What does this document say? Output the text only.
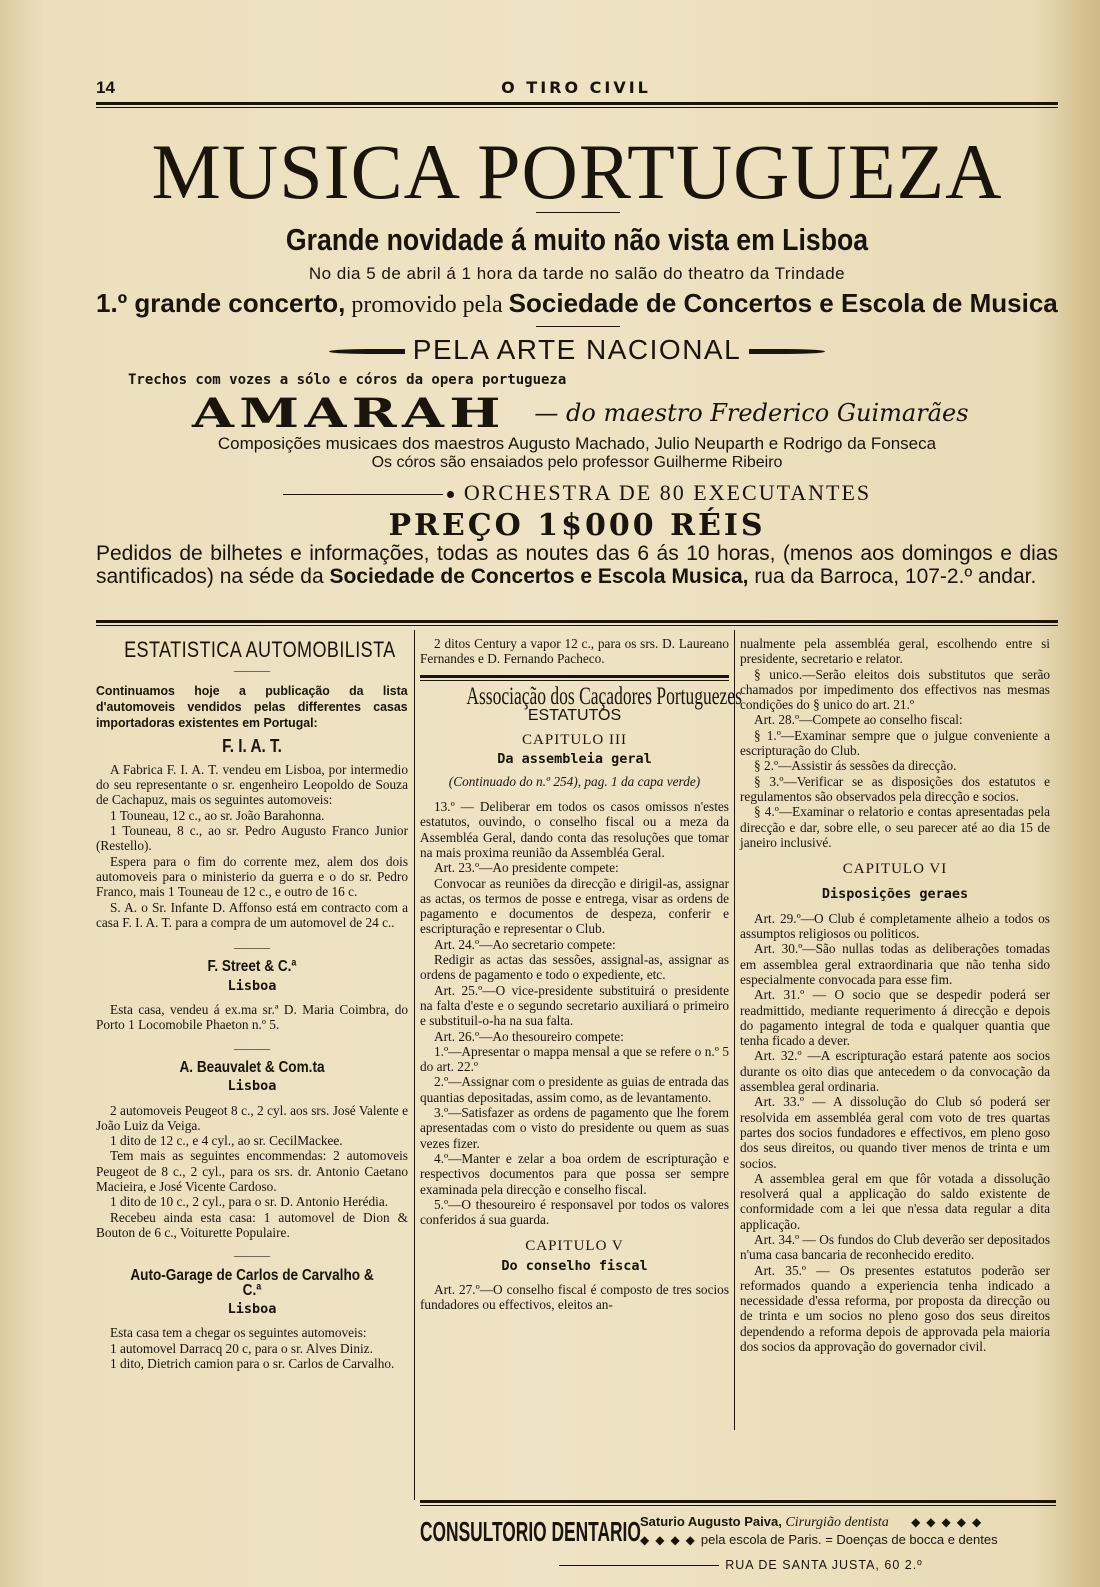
14	O TIRO CIVIL
MUSICA PORTUGUEZA
Grande novidade á muito não vista em Lisboa
No dia 5 de abril á 1 hora da tarde no salão do theatro da Trindade
1.º grande concerto, promovido pela Sociedade de Concertos e Escola de Musica
PELA ARTE NACIONAL
Trechos com vozes a sólo e córos da opera portugueza
AMARAH — do maestro Frederico Guimarães
Composições musicaes dos maestros Augusto Machado, Julio Neuparth e Rodrigo da Fonseca
Os córos são ensaiados pelo professor Guilherme Ribeiro
ORCHESTRA DE 80 EXECUTANTES
PREÇO 1$000 RÉIS
Pedidos de bilhetes e informações, todas as noutes das 6 ás 10 horas, (menos aos domingos e dias santificados) na séde da Sociedade de Concertos e Escola Musica, rua da Barroca, 107-2.º andar.
ESTATISTICA AUTOMOBILISTA
———

Continuamos hoje a publicação da lista d'automoveis vendidos pelas differentes casas importadoras existentes em Portugal:

F. I. A. T.

A Fabrica F. I. A. T. vendeu em Lisboa, por intermedio do seu representante o sr. engenheiro Leopoldo de Souza de Cachapuz, mais os seguintes automoveis:

1 Touneau, 12 c., ao sr. João Barahonna.

1 Touneau, 8 c., ao sr. Pedro Augusto Franco Junior (Restello).

Espera para o fim do corrente mez, alem dos dois automoveis para o ministerio da guerra e o do sr. Pedro Franco, mais 1 Touneau de 12 c., e outro de 16 c.

S. A. o Sr. Infante D. Affonso está em contracto com a casa F. I. A. T. para a compra de um automovel de 24 c..

———
F. Street & C.ª
Lisboa

Esta casa, vendeu á ex.ma sr.ª D. Maria Coimbra, do Porto 1 Locomobile Phaeton n.º 5.

———
A. Beauvalet & Com.ta
Lisboa

2 automoveis Peugeot 8 c., 2 cyl. aos srs. José Valente e João Luiz da Veiga.

1 dito de 12 c., e 4 cyl., ao sr. CecilMackee.

Tem mais as seguintes encommendas: 2 automoveis Peugeot de 8 c., 2 cyl., para os srs. dr. Antonio Caetano Macieira, e José Vicente Cardoso.

1 dito de 10 c., 2 cyl., para o sr. D. Antonio Herédia.

Recebeu ainda esta casa: 1 automovel de Dion & Bouton de 6 c., Voiturette Populaire.

———
Auto-Garage de Carlos de Carvalho & C.ª
Lisboa

Esta casa tem a chegar os seguintes automoveis:

1 automovel Darracq 20 c, para o sr. Alves Diniz.

1 dito, Dietrich camion para o sr. Carlos de Carvalho.

2 ditos Century a vapor 12 c., para os srs. D. Laureano Fernandes e D. Fernando Pacheco.

Associação dos Caçadores Portuguezes
ESTATUTOS
CAPITULO III
Da assembleia geral
(Continuado do n.º 254), pag. 1 da capa verde)

13.º — Deliberar em todos os casos omissos n'estes estatutos, ouvindo, o conselho fiscal ou a meza da Assembléa Geral, dando conta das resoluções que tomar na mais proxima reunião da Assembléa Geral.

Art. 23.º—Ao presidente compete:

Convocar as reuniões da direcção e dirigil-as, assignar as actas, os termos de posse e entrega, visar as ordens de pagamento e documentos de despeza, conferir e escripturação e representar o Club.

Art. 24.º—Ao secretario compete:

Redigir as actas das sessões, assignal-as, assignar as ordens de pagamento e todo o expediente, etc.

Art. 25.º—O vice-presidente substituirá o presidente na falta d'este e o segundo secretario auxiliará o primeiro e substituil-o-ha na sua falta.

Art. 26.º—Ao thesoureiro compete:

1.º—Apresentar o mappa mensal a que se refere o n.º 5 do art. 22.º

2.º—Assignar com o presidente as guias de entrada das quantias depositadas, assim como, as de levantamento.

3.º—Satisfazer as ordens de pagamento que lhe forem apresentadas com o visto do presidente ou quem as suas vezes fizer.

4.º—Manter e zelar a boa ordem de escripturação e respectivos documentos para que possa ser sempre examinada pela direcção e conselho fiscal.

5.º—O thesoureiro é responsavel por todos os valores conferidos á sua guarda.

CAPITULO V
Do conselho fiscal

Art. 27.º—O conselho fiscal é composto de tres socios fundadores ou effectivos, eleitos an-

nualmente pela assembléa geral, escolhendo entre si presidente, secretario e relator.

§ unico.—Serão eleitos dois substitutos que serão chamados por impedimento dos effectivos nas mesmas condições do § unico do art. 21.º

Art. 28.º—Compete ao conselho fiscal:

§ 1.º—Examinar sempre que o julgue conveniente a escripturação do Club.

§ 2.º—Assistir ás sessões da direcção.

§ 3.º—Verificar se as disposições dos estatutos e regulamentos são observados pela direcção e socios.

§ 4.º—Examinar o relatorio e contas apresentadas pela direcção e dar, sobre elle, o seu parecer até ao dia 15 de janeiro inclusivé.

CAPITULO VI
Disposições geraes

Art. 29.º—O Club é completamente alheio a todos os assumptos religiosos ou politicos.

Art. 30.º—São nullas todas as deliberações tomadas em assemblea geral extraordinaria que não tenha sido especialmente convocada para esse fim.

Art. 31.º — O socio que se despedir poderá ser readmittido, mediante requerimento á direcção e depois do pagamento integral de toda e qualquer quantia que tenha ficado a dever.

Art. 32.º —A escripturação estará patente aos socios durante os oito dias que antecedem o da convocação da assemblea geral ordinaria.

Art. 33.º — A dissolução do Club só poderá ser resolvida em assembléa geral com voto de tres quartas partes dos socios fundadores e effectivos, em pleno goso dos seus direitos, ou quando tiver menos de trinta e um socios.

A assemblea geral em que fôr votada a dissolução resolverá qual a applicação do saldo existente de conformidade com a lei que n'essa data regular a dita applicação.

Art. 34.º — Os fundos do Club deverão ser depositados n'uma casa bancaria de reconhecido eredito.

Art. 35.º — Os presentes estatutos poderão ser reformados quando a experiencia tenha indicado a necessidade d'essa reforma, por proposta da direcção ou de trinta e um socios no pleno goso dos seus direitos dependendo a reforma depois de approvada pela maioria dos socios da approvação do governador civil.

CONSULTORIO DENTARIO Saturio Augusto Paiva, Cirurgião dentista   ◆◆◆◆◆
◆◆◆◆pela escola de Paris. = Doenças de bocca e dentes
RUA DE SANTA JUSTA, 60 2.º
